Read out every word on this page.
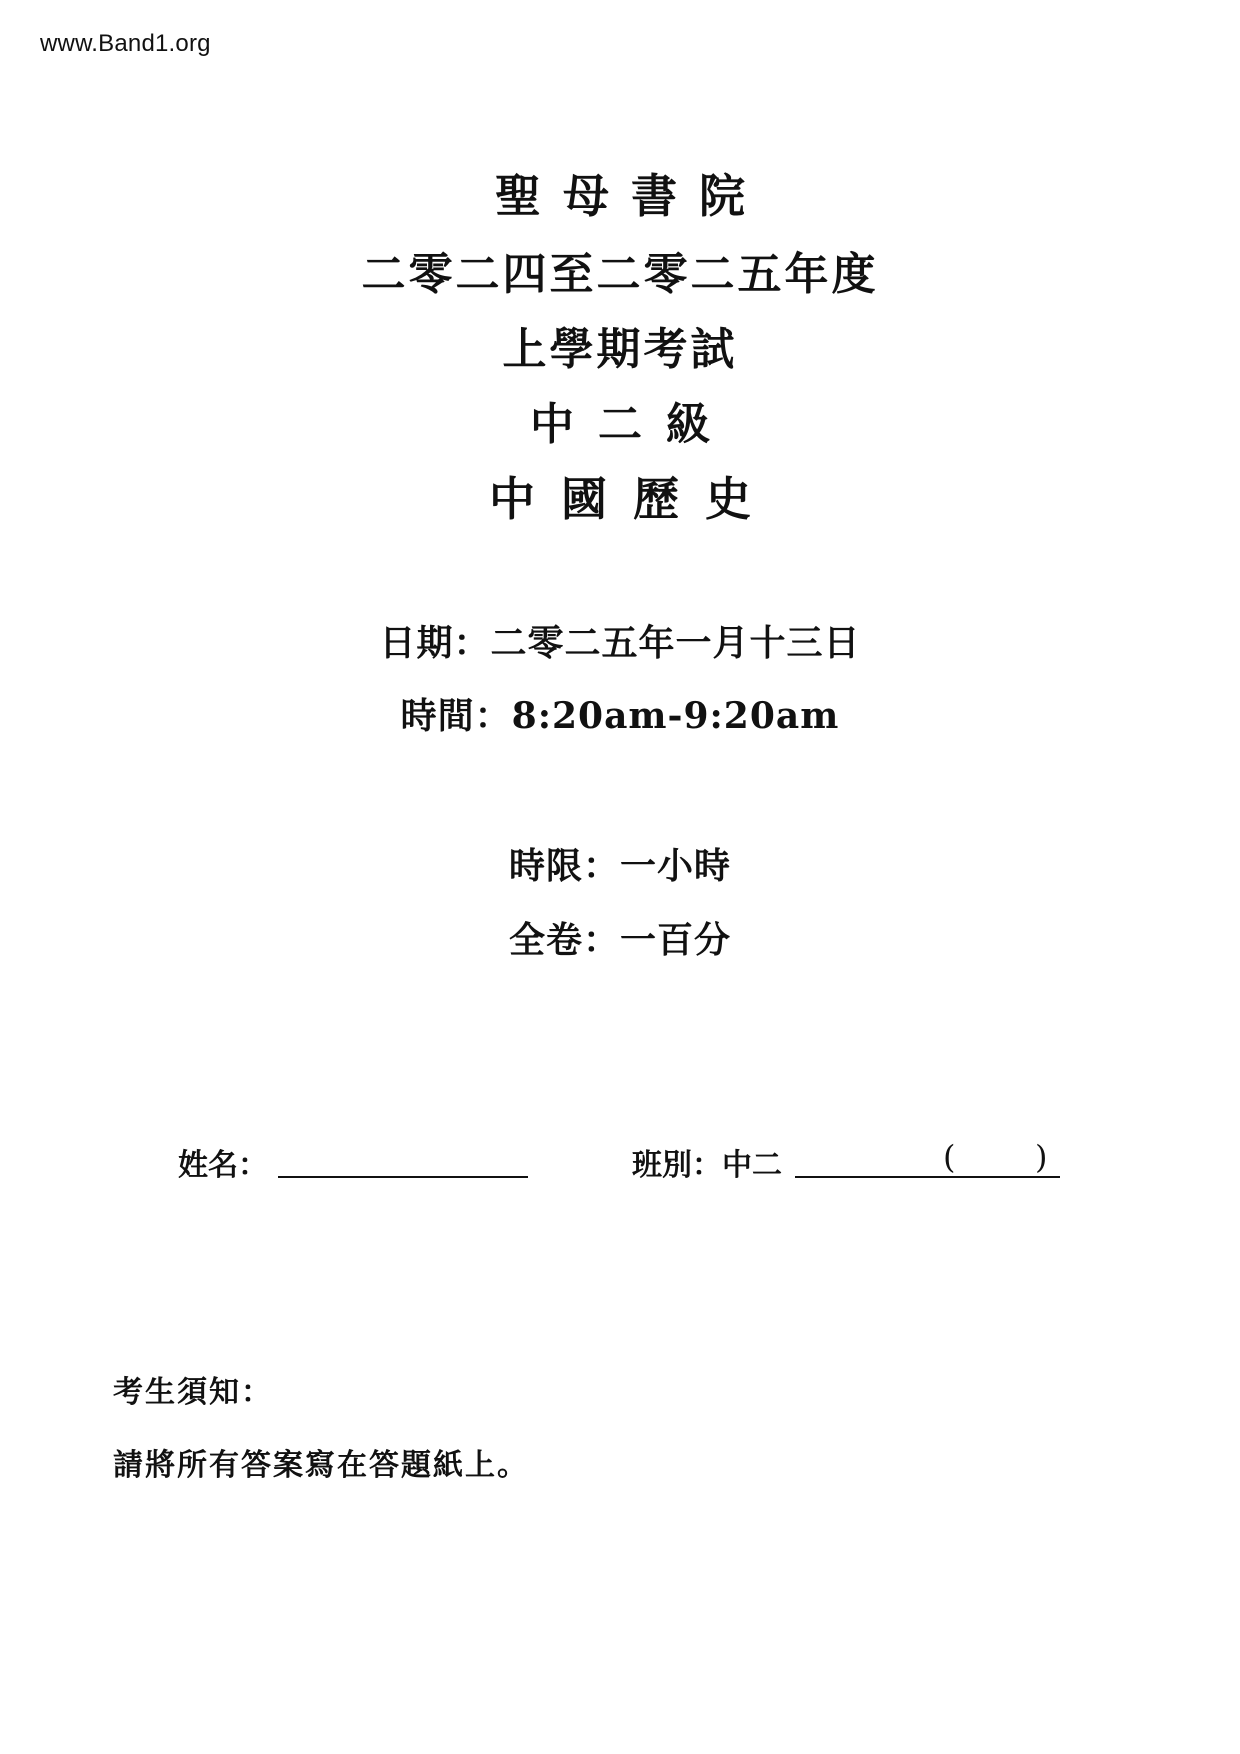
www.Band1.org
聖母書院
二零二四至二零二五年度
上學期考試
中二級
中國歷史
日期：二零二五年一月十三日
時間：8:20am-9:20am
時限：一小時
全卷：一百分
姓名：	班別：中二	( )
考生須知：
請將所有答案寫在答題紙上。
